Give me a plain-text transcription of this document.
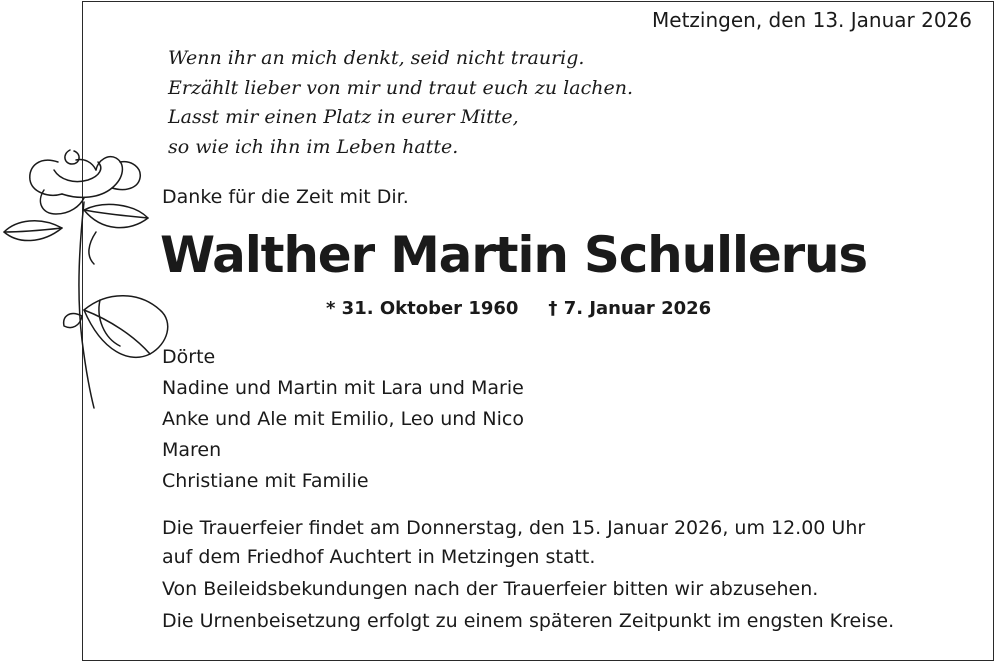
Metzingen, den 13. Januar 2026
Wenn ihr an mich denkt, seid nicht traurig.
Erzählt lieber von mir und traut euch zu lachen.
Lasst mir einen Platz in eurer Mitte,
so wie ich ihn im Leben hatte.
Danke für die Zeit mit Dir.
Walther Martin Schullerus
* 31. Oktober 1960 † 7. Januar 2026
Dörte
Nadine und Martin mit Lara und Marie
Anke und Ale mit Emilio, Leo und Nico
Maren
Christiane mit Familie
Die Trauerfeier findet am Donnerstag, den 15. Januar 2026, um 12.00 Uhr
auf dem Friedhof Auchtert in Metzingen statt.
Von Beileidsbekundungen nach der Trauerfeier bitten wir abzusehen.
Die Urnenbeisetzung erfolgt zu einem späteren Zeitpunkt im engsten Kreise.
